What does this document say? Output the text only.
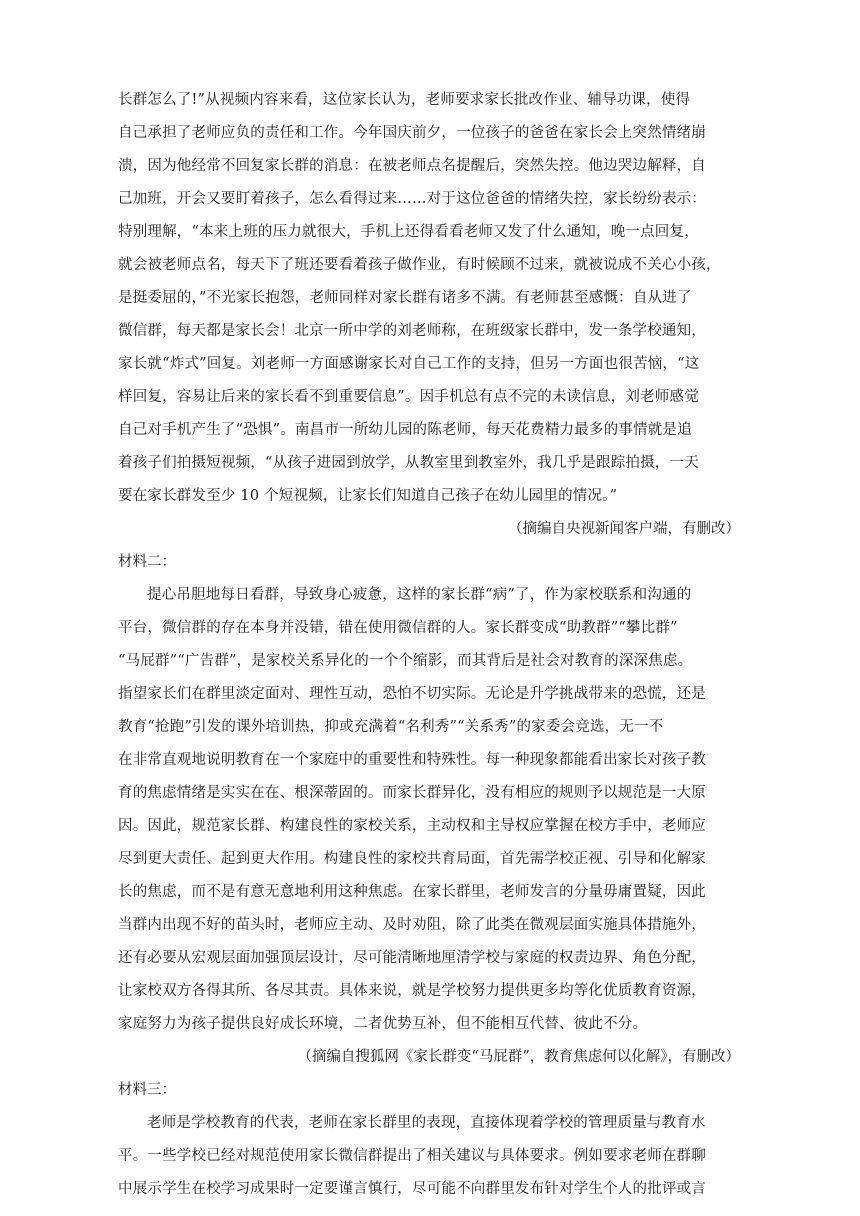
长群怎么了!”从视频内容来看，这位家长认为，老师要求家长批改作业、辅导功课，使得
自己承担了老师应负的责任和工作。今年国庆前夕，一位孩子的爸爸在家长会上突然情绪崩
溃，因为他经常不回复家长群的消息：在被老师点名提醒后，突然失控。他边哭边解释，自
己加班，开会又要盯着孩子，怎么看得过来……对于这位爸爸的情绪失控，家长纷纷表示：
特别理解，“本来上班的压力就很大，手机上还得看看老师又发了什么通知，晚一点回复，
就会被老师点名，每天下了班还要看着孩子做作业，有时候顾不过来，就被说成不关心小孩，
是挺委屈的，”不光家长抱怨，老师同样对家长群有诸多不满。有老师甚至感慨：自从进了
微信群，每天都是家长会！北京一所中学的刘老师称，在班级家长群中，发一条学校通知，
家长就“炸式”回复。刘老师一方面感谢家长对自己工作的支持，但另一方面也很苦恼，“这
样回复，容易让后来的家长看不到重要信息”。因手机总有点不完的未读信息，刘老师感觉
自己对手机产生了“恐惧”。南昌市一所幼儿园的陈老师，每天花费精力最多的事情就是追
着孩子们拍摄短视频，“从孩子进园到放学，从教室里到教室外，我几乎是跟踪拍摄，一天
要在家长群发至少 10 个短视频，让家长们知道自己孩子在幼儿园里的情况。”
（摘编自央视新闻客户端，有删改）
材料二：
提心吊胆地每日看群，导致身心疲惫，这样的家长群“病”了，作为家校联系和沟通的
平台，微信群的存在本身并没错，错在使用微信群的人。家长群变成“助教群”“攀比群”
“马屁群”“广告群”，是家校关系异化的一个个缩影，而其背后是社会对教育的深深焦虑。
指望家长们在群里淡定面对、理性互动，恐怕不切实际。无论是升学挑战带来的恐慌，还是
教育“抢跑”引发的课外培训热，抑或充满着“名利秀”“关系秀”的家委会竞选，无一不
在非常直观地说明教育在一个家庭中的重要性和特殊性。每一种现象都能看出家长对孩子教
育的焦虑情绪是实实在在、根深蒂固的。而家长群异化，没有相应的规则予以规范是一大原
因。因此，规范家长群、构建良性的家校关系，主动权和主导权应掌握在校方手中，老师应
尽到更大责任、起到更大作用。构建良性的家校共育局面，首先需学校正视、引导和化解家
长的焦虑，而不是有意无意地利用这种焦虑。在家长群里，老师发言的分量毋庸置疑，因此
当群内出现不好的苗头时，老师应主动、及时劝阻，除了此类在微观层面实施具体措施外，
还有必要从宏观层面加强顶层设计，尽可能清晰地厘清学校与家庭的权责边界、角色分配，
让家校双方各得其所、各尽其责。具体来说，就是学校努力提供更多均等化优质教育资源，
家庭努力为孩子提供良好成长环境，二者优势互补，但不能相互代替、彼此不分。
（摘编自搜狐网《家长群变“马屁群”，教育焦虑何以化解》，有删改）
材料三：
老师是学校教育的代表，老师在家长群里的表现，直接体现着学校的管理质量与教育水
平。一些学校已经对规范使用家长微信群提出了相关建议与具体要求。例如要求老师在群聊
中展示学生在校学习成果时一定要谨言慎行，尽可能不向群里发布针对学生个人的批评或言
